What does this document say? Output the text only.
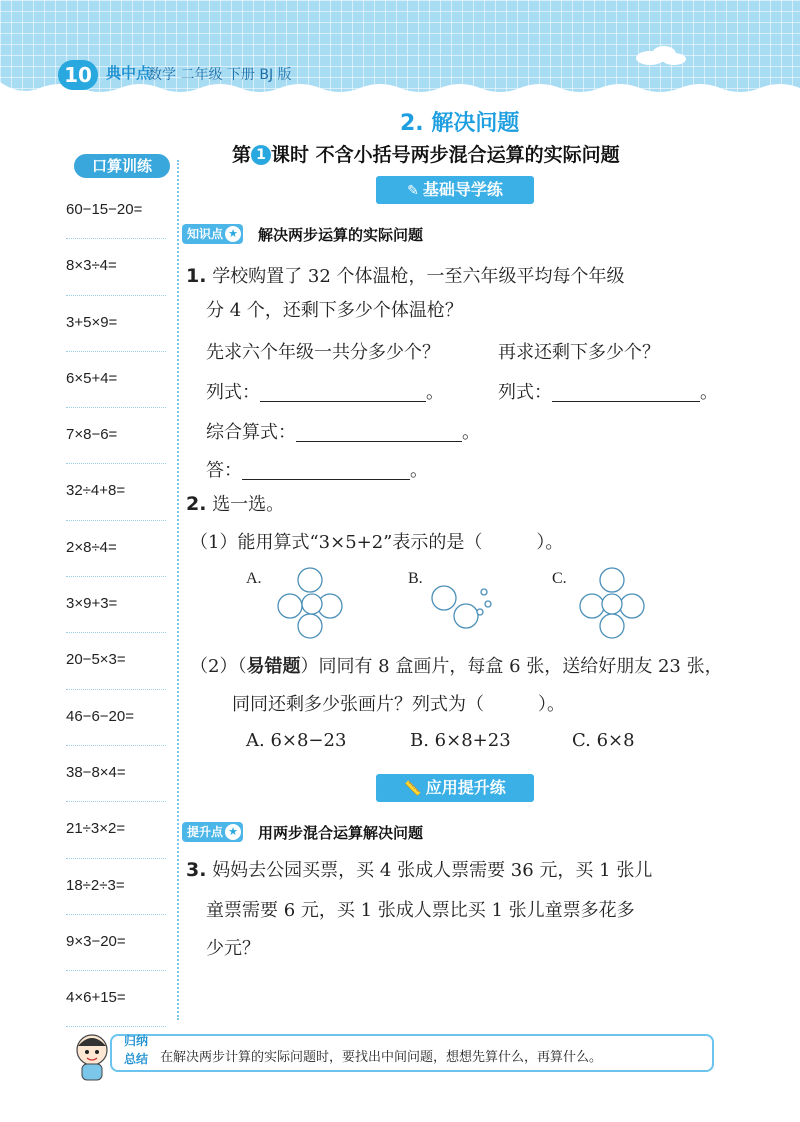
10 典中点
数学 二年级 下册 BJ 版
口算训练
60−15−20=
8×3÷4=
3+5×9=
6×5+4=
7×8−6=
32÷4+8=
2×8÷4=
3×9+3=
20−5×3=
46−6−20=
38−8×4=
21÷3×2=
18÷2÷3=
9×3−20=
4×6+15=
2. 解决问题
第 1 课时 不含小括号两步混合运算的实际问题
✎ 基础导学练
知识点 ★ 解决两步运算的实际问题
1. 学校购置了 32 个体温枪，一至六年级平均每个年级
分 4 个，还剩下多少个体温枪？
先求六个年级一共分多少个？	再求还剩下多少个？
列式：	。	列式：	。
综合算式：	。
答：	。
2. 选一选。
（1）能用算式“3×5+2”表示的是（　　　）。
A.	B.	C.
（2）（易错题）同同有 8 盒画片，每盒 6 张，送给好朋友 23 张，
同同还剩多少张画片？列式为（　　　）。
A. 6×8−23	B. 6×8+23	C. 6×8
📏 应用提升练
提升点 ★ 用两步混合运算解决问题
3. 妈妈去公园买票，买 4 张成人票需要 36 元，买 1 张儿
童票需要 6 元，买 1 张成人票比买 1 张儿童票多花多
少元？
归纳
总结 在解决两步计算的实际问题时，要找出中间问题，想想先算什么，再算什么。
